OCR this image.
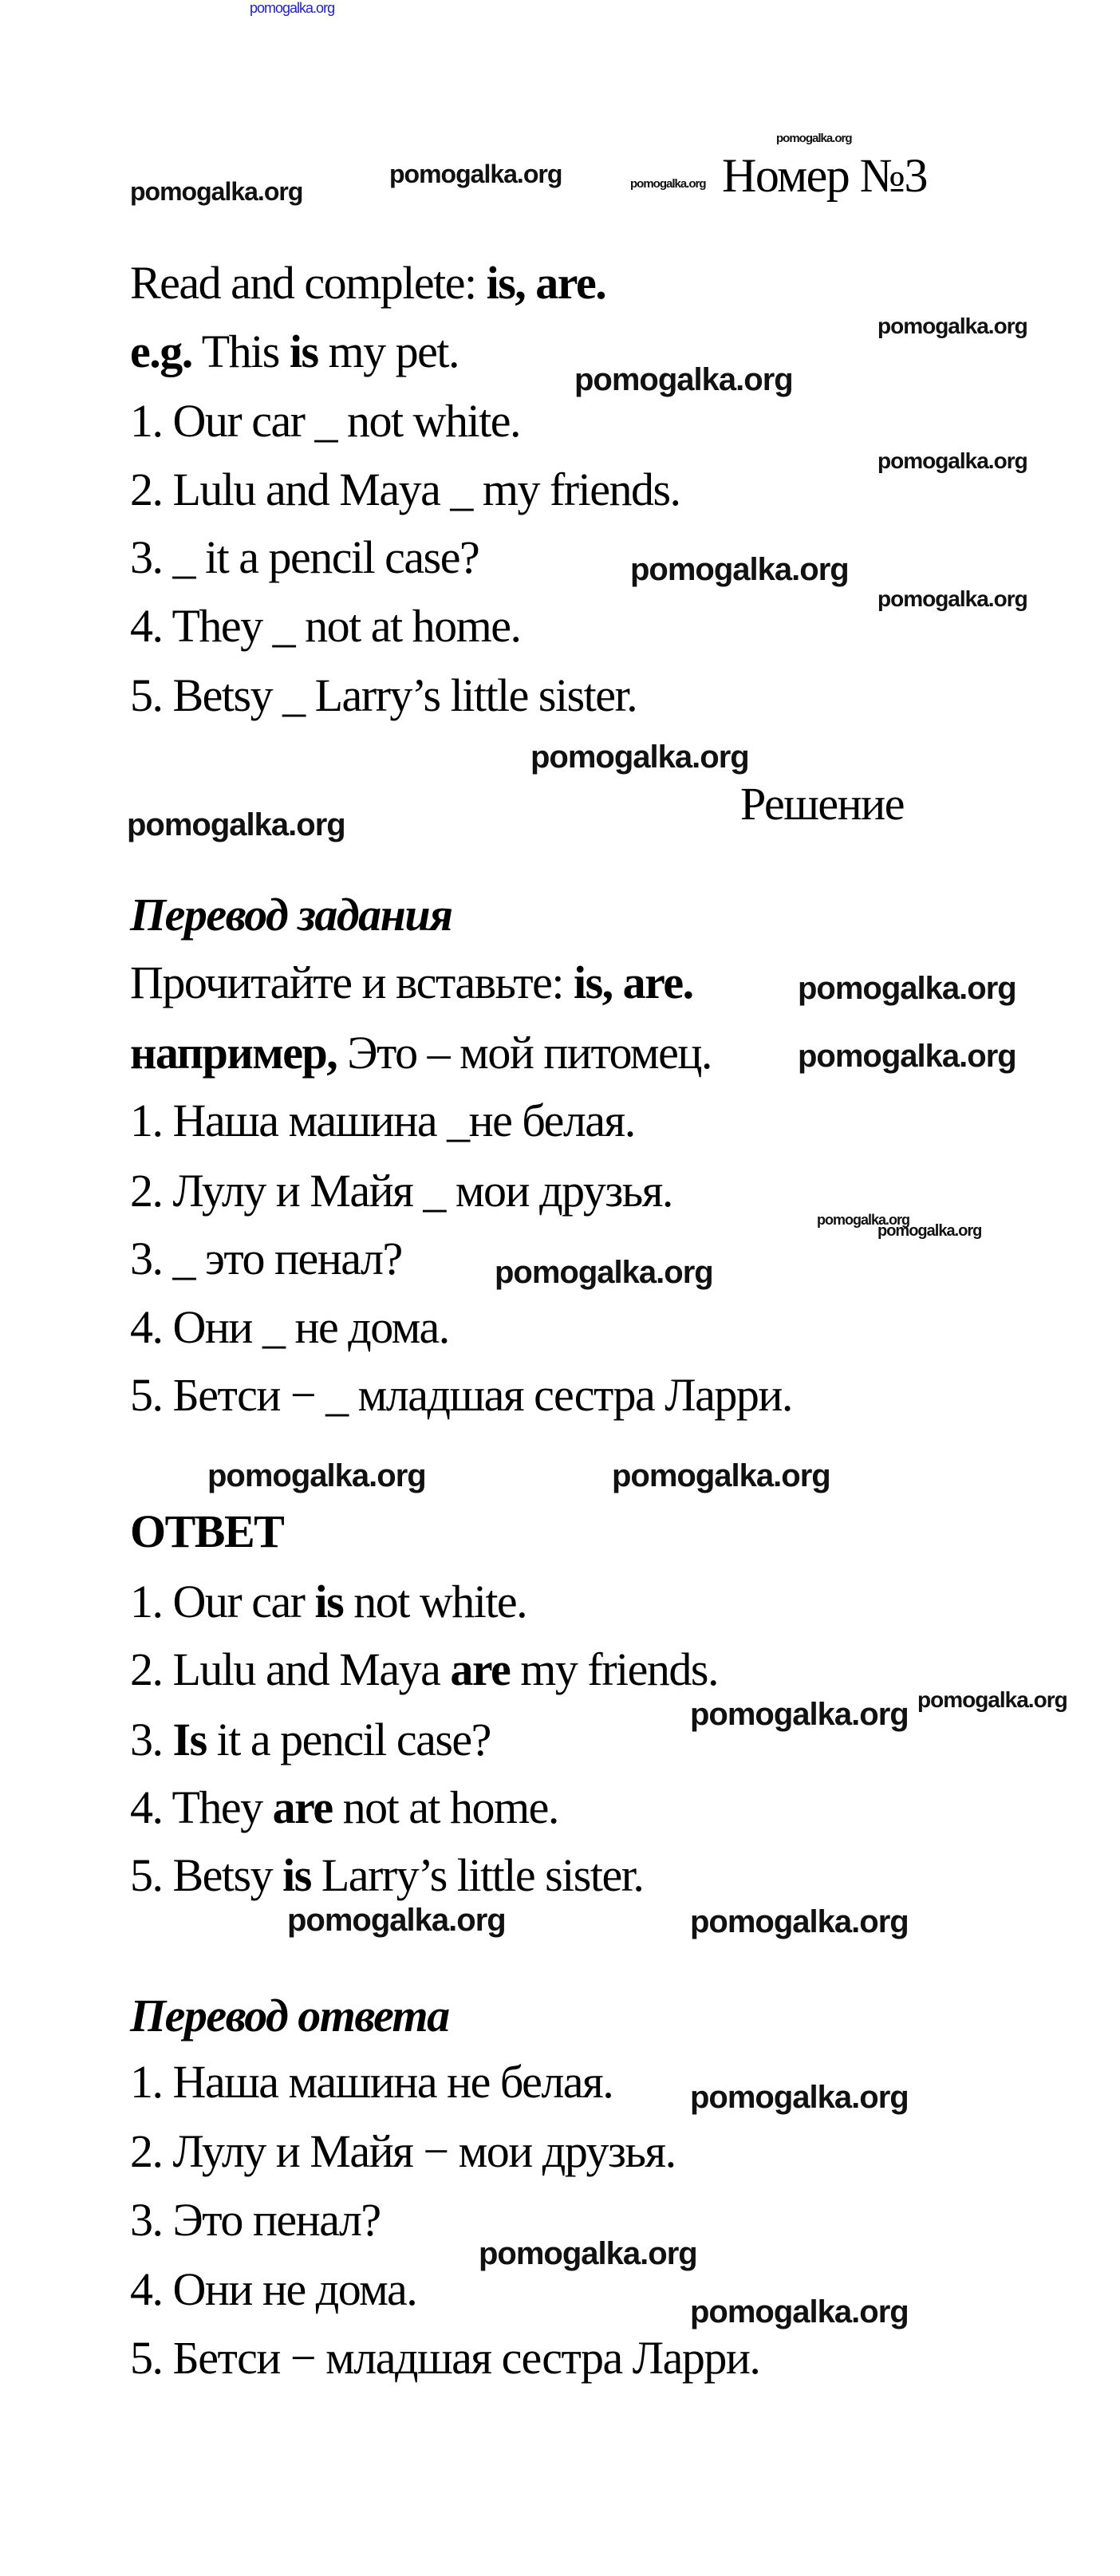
Номер №3
Решение
Перевод задания
ОТВЕТ
Перевод ответа
Read and complete: is, are.
e.g. This is my pet.
1. Our car _ not white.
2. Lulu and Maya _ my friends.
3. _ it a pencil case?
4. They _ not at home.
5. Betsy _ Larry’s little sister.
Прочитайте и вставьте: is, are.
например, Это – мой питомец.
1. Наша машина _не белая.
2. Лулу и Майя _ мои друзья.
3. _ это пенал?
4. Они _ не дома.
5. Бетси − _ младшая сестра Ларри.
1. Our car is not white.
2. Lulu and Maya are my friends.
3. Is it a pencil case?
4. They are not at home.
5. Betsy is Larry’s little sister.
1. Наша машина не белая.
2. Лулу и Майя − мои друзья.
3. Это пенал?
4. Они не дома.
5. Бетси − младшая сестра Ларри.
pomogalka.org
pomogalka.org
pomogalka.org	pomogalka.org
pomogalka.org
pomogalka.org
pomogalka.org
pomogalka.org
pomogalka.org
pomogalka.org
pomogalka.org
pomogalka.org
pomogalka.org
pomogalka.org
pomogalka.org
pomogalka.org
pomogalka.org
pomogalka.org	pomogalka.org
pomogalka.org
pomogalka.org
pomogalka.org
pomogalka.org
pomogalka.org
pomogalka.org
pomogalka.org
